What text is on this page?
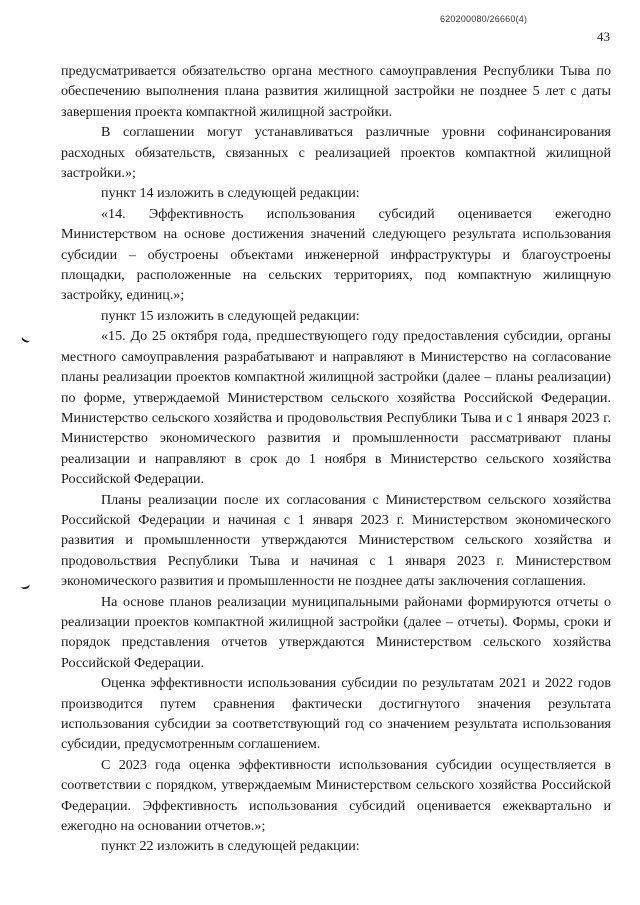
620200080/26660(4)
43

предусматривается обязательство органа местного самоуправления Республики Тыва по обеспечению выполнения плана развития жилищной застройки не позднее 5 лет с даты завершения проекта компактной жилищной застройки.

В соглашении могут устанавливаться различные уровни софинансирования расходных обязательств, связанных с реализацией проектов компактной жилищной застройки.»;

пункт 14 изложить в следующей редакции:

«14. Эффективность использования субсидий оценивается ежегодно Министерством на основе достижения значений следующего результата использования субсидии – обустроены объектами инженерной инфраструктуры и благоустроены площадки, расположенные на сельских территориях, под компактную жилищную застройку, единиц.»;

пункт 15 изложить в следующей редакции:

«15. До 25 октября года, предшествующего году предоставления субсидии, органы местного самоуправления разрабатывают и направляют в Министерство на согласование планы реализации проектов компактной жилищной застройки (далее – планы реализации) по форме, утверждаемой Министерством сельского хозяйства Российской Федерации. Министерство сельского хозяйства и продовольствия Республики Тыва и с 1 января 2023 г. Министерство экономического развития и промышленности рассматривают планы реализации и направляют в срок до 1 ноября в Министерство сельского хозяйства Российской Федерации.

Планы реализации после их согласования с Министерством сельского хозяйства Российской Федерации и начиная с 1 января 2023 г. Министерством экономического развития и промышленности утверждаются Министерством сельского хозяйства и продовольствия Республики Тыва и начиная с 1 января 2023 г. Министерством экономического развития и промышленности не позднее даты заключения соглашения.

На основе планов реализации муниципальными районами формируются отчеты о реализации проектов компактной жилищной застройки (далее – отчеты). Формы, сроки и порядок представления отчетов утверждаются Министерством сельского хозяйства Российской Федерации.

Оценка эффективности использования субсидии по результатам 2021 и 2022 годов производится путем сравнения фактически достигнутого значения результата использования субсидии за соответствующий год со значением результата использования субсидии, предусмотренным соглашением.

С 2023 года оценка эффективности использования субсидии осуществляется в соответствии с порядком, утверждаемым Министерством сельского хозяйства Российской Федерации. Эффективность использования субсидий оценивается ежеквартально и ежегодно на основании отчетов.»;

пункт 22 изложить в следующей редакции:
